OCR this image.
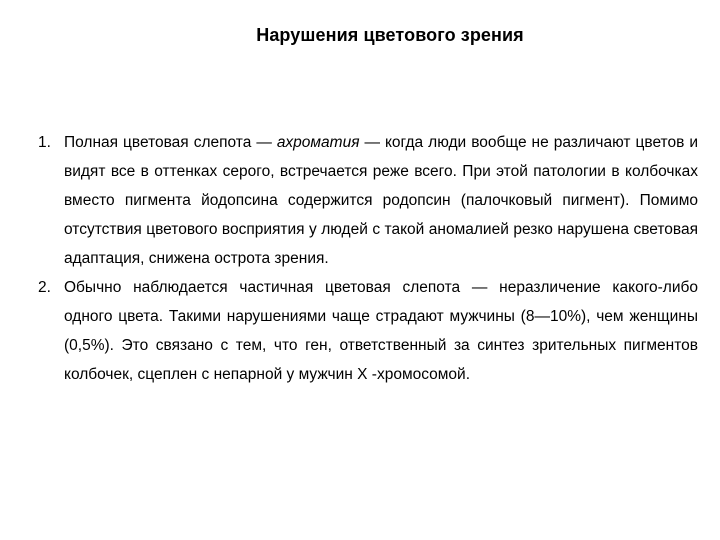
Нарушения цветового зрения
1. Полная цветовая слепота — ахроматия — когда люди вообще не различают цветов и видят все в оттенках серого, встречается реже всего. При этой патологии в колбочках вместо пигмента йодопсина содержится родопсин (палочковый пигмент). Помимо отсутствия цветового восприятия у людей с такой аномалией резко нарушена световая адаптация, снижена острота зрения.
2. Обычно наблюдается частичная цветовая слепота — неразличение какого-либо одного цвета. Такими нарушениями чаще страдают мужчины (8—10%), чем женщины (0,5%). Это связано с тем, что ген, ответственный за синтез зрительных пигментов колбочек, сцеплен с непарной у мужчин Х -хромосомой.
